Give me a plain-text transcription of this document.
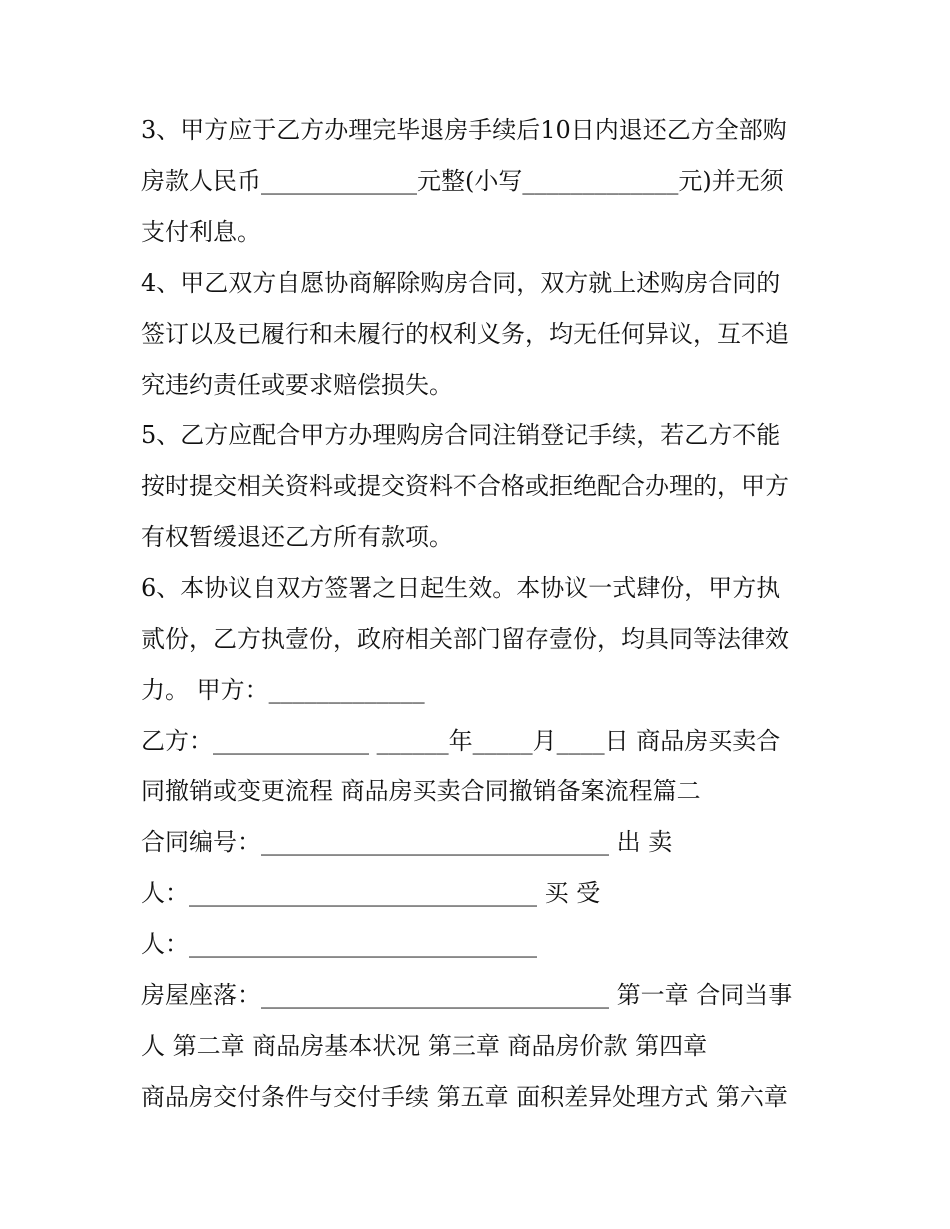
3、甲方应于乙方办理完毕退房手续后10日内退还乙方全部购
房款人民币_____________元整(小写_____________元)并无须
支付利息。
4、甲乙双方自愿协商解除购房合同，双方就上述购房合同的
签订以及已履行和未履行的权利义务，均无任何异议，互不追
究违约责任或要求赔偿损失。
5、乙方应配合甲方办理购房合同注销登记手续，若乙方不能
按时提交相关资料或提交资料不合格或拒绝配合办理的，甲方
有权暂缓退还乙方所有款项。
6、本协议自双方签署之日起生效。本协议一式肆份，甲方执
贰份，乙方执壹份，政府相关部门留存壹份，均具同等法律效
力。 甲方：_____________
乙方：_____________ ______年_____月____日 商品房买卖合
同撤销或变更流程 商品房买卖合同撤销备案流程篇二
合同编号：_____________________________ 出 卖
人：_____________________________ 买 受
人：_____________________________
房屋座落：_____________________________ 第一章 合同当事
人 第二章 商品房基本状况 第三章 商品房价款 第四章
商品房交付条件与交付手续 第五章 面积差异处理方式 第六章
